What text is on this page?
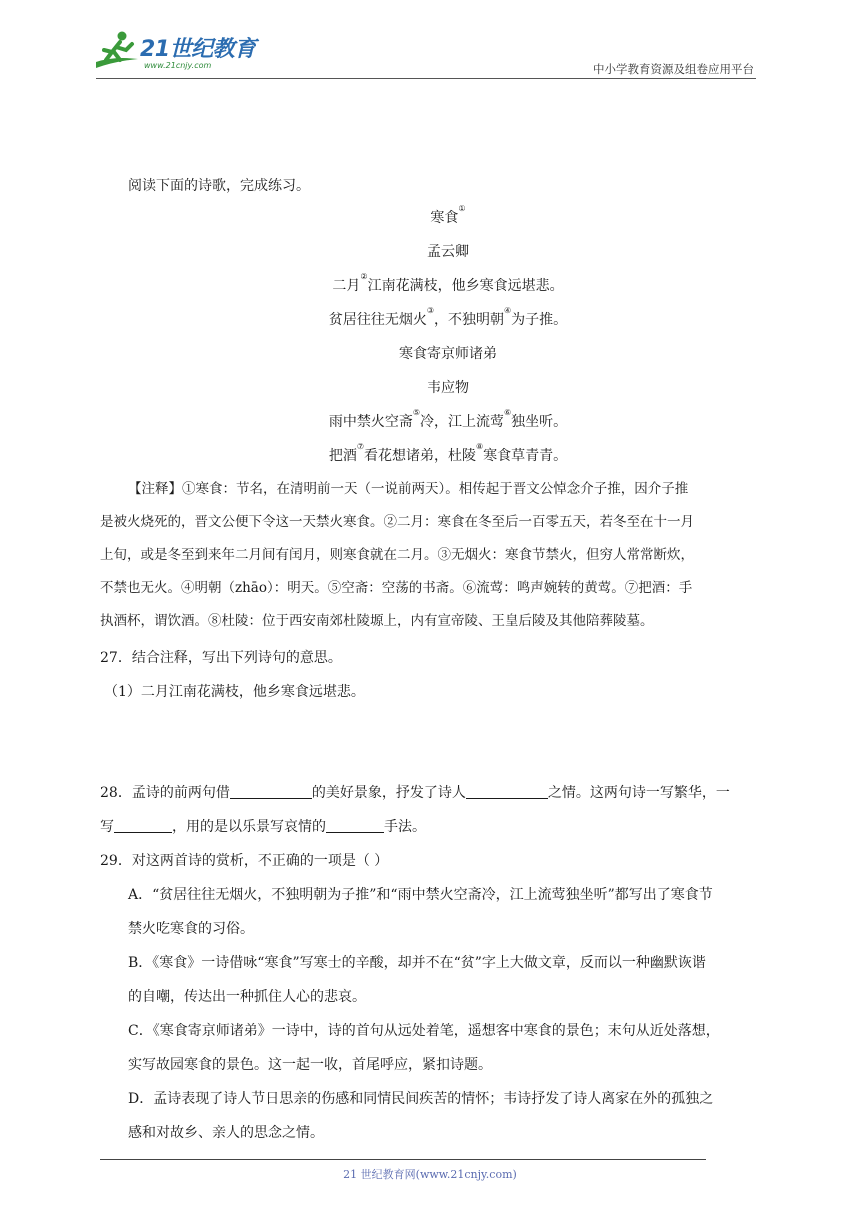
21世纪教育
www.21cnjy.com	中小学教育资源及组卷应用平台
阅读下面的诗歌，完成练习。
寒食①
孟云卿
二月②江南花满枝，他乡寒食远堪悲。
贫居往往无烟火③，不独明朝④为子推。
寒食寄京师诸弟
韦应物
雨中禁火空斋⑤冷，江上流莺⑥独坐听。
把酒⑦看花想诸弟，杜陵⑧寒食草青青。
【注释】①寒食：节名，在清明前一天（一说前两天）。相传起于晋文公悼念介子推，因介子推
是被火烧死的，晋文公便下令这一天禁火寒食。②二月：寒食在冬至后一百零五天，若冬至在十一月
上旬，或是冬至到来年二月间有闰月，则寒食就在二月。③无烟火：寒食节禁火，但穷人常常断炊，
不禁也无火。④明朝（zhāo）：明天。⑤空斋：空荡的书斋。⑥流莺：鸣声婉转的黄莺。⑦把酒：手
执酒杯，谓饮酒。⑧杜陵：位于西安南郊杜陵塬上，内有宣帝陵、王皇后陵及其他陪葬陵墓。
27．结合注释，写出下列诗句的意思。
（1）二月江南花满枝，他乡寒食远堪悲。
28．孟诗的前两句借	的美好景象，抒发了诗人	之情。这两句诗一写繁华，一
写	，用的是以乐景写哀情的	手法。
29．对这两首诗的赏析，不正确的一项是（ ）
A．“贫居往往无烟火，不独明朝为子推”和“雨中禁火空斋冷，江上流莺独坐听”都写出了寒食节
禁火吃寒食的习俗。
B．《寒食》一诗借咏“寒食”写寒士的辛酸，却并不在“贫”字上大做文章，反而以一种幽默诙谐
的自嘲，传达出一种抓住人心的悲哀。
C．《寒食寄京师诸弟》一诗中，诗的首句从远处着笔，遥想客中寒食的景色；末句从近处落想，
实写故园寒食的景色。这一起一收，首尾呼应，紧扣诗题。
D．孟诗表现了诗人节日思亲的伤感和同情民间疾苦的情怀；韦诗抒发了诗人离家在外的孤独之
感和对故乡、亲人的思念之情。
21 世纪教育网(www.21cnjy.com)
